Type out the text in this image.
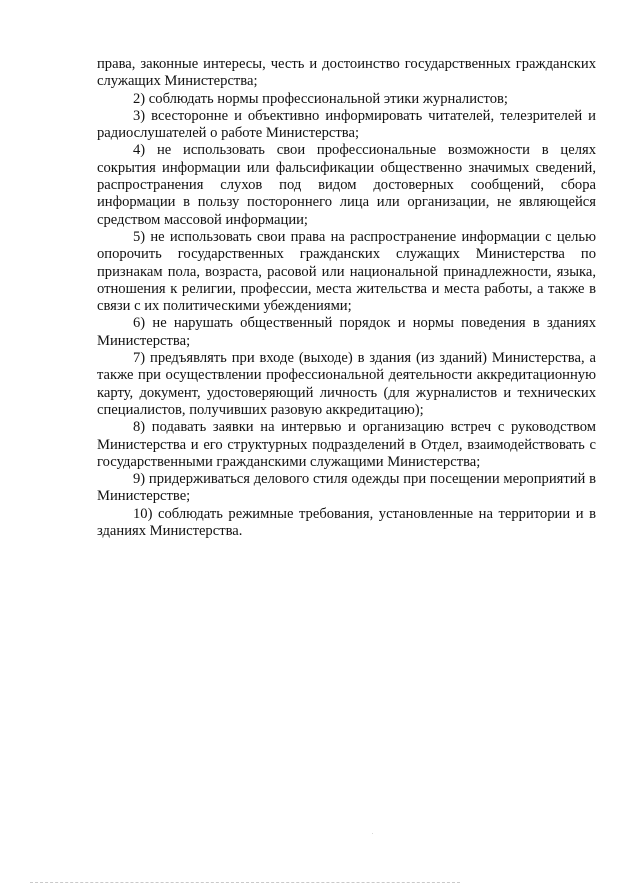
права, законные интересы, честь и достоинство государственных гражданских служащих Министерства;

2) соблюдать нормы профессиональной этики журналистов;

3) всесторонне и объективно информировать читателей, телезрителей и радиослушателей о работе Министерства;

4) не использовать свои профессиональные возможности в целях сокрытия информации или фальсификации общественно значимых сведений, распространения слухов под видом достоверных сообщений, сбора информации в пользу постороннего лица или организации, не являющейся средством массовой информации;

5) не использовать свои права на распространение информации с целью опорочить государственных гражданских служащих Министерства по признакам пола, возраста, расовой или национальной принадлежности, языка, отношения к религии, профессии, места жительства и места работы, а также в связи с их политическими убеждениями;

6) не нарушать общественный порядок и нормы поведения в зданиях Министерства;

7) предъявлять при входе (выходе) в здания (из зданий) Министерства, а также при осуществлении профессиональной деятельности аккредитационную карту, документ, удостоверяющий личность (для журналистов и технических специалистов, получивших разовую аккредитацию);

8) подавать заявки на интервью и организацию встреч с руководством Министерства и его структурных подразделений в Отдел, взаимодействовать с государственными гражданскими служащими Министерства;

9) придерживаться делового стиля одежды при посещении мероприятий в Министерстве;

10) соблюдать режимные требования, установленные на территории и в зданиях Министерства.
